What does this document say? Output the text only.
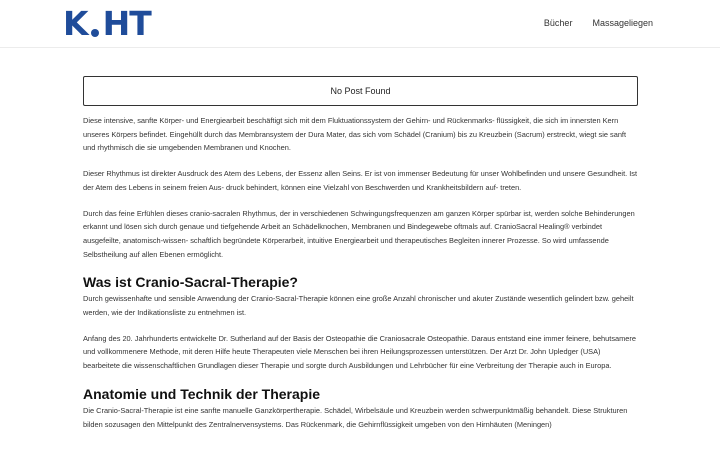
K HT	Bücher Massageliegen
No Post Found

Diese intensive, sanfte Körper- und Energiearbeit beschäftigt sich mit dem Fluktuationssystem der Gehirn- und Rückenmarks- flüssigkeit, die sich im innersten Kern unseres Körpers befindet. Eingehüllt durch das Membransystem der Dura Mater, das sich vom Schädel (Cranium) bis zu Kreuzbein (Sacrum) erstreckt, wiegt sie sanft und rhythmisch die sie umgebenden Membranen und Knochen.

Dieser Rhythmus ist direkter Ausdruck des Atem des Lebens, der Essenz allen Seins. Er ist von immenser Bedeutung für unser Wohlbefinden und unsere Gesundheit. Ist der Atem des Lebens in seinem freien Aus- druck behindert, können eine Vielzahl von Beschwerden und Krankheitsbildern auf- treten.

Durch das feine Erfühlen dieses cranio-sacralen Rhythmus, der in verschiedenen Schwingungsfrequenzen am ganzen Körper spürbar ist, werden solche Behinderungen erkannt und lösen sich durch genaue und tiefgehende Arbeit an Schädelknochen, Membranen und Bindegewebe oftmals auf. CranioSacral Healing® verbindet ausgefeilte, anatomisch-wissen- schaftlich begründete Körperarbeit, intuitive Energiearbeit und therapeutisches Begleiten innerer Prozesse. So wird umfassende Selbstheilung auf allen Ebenen ermöglicht.

Was ist Cranio-Sacral-Therapie?

Durch gewissenhafte und sensible Anwendung der Cranio-Sacral-Therapie können eine große Anzahl chronischer und akuter Zustände wesentlich gelindert bzw. geheilt werden, wie der Indikationsliste zu entnehmen ist.

Anfang des 20. Jahrhunderts entwickelte Dr. Sutherland auf der Basis der Osteopathie die Craniosacrale Osteopathie. Daraus entstand eine immer feinere, behutsamere und vollkommenere Methode, mit deren Hilfe heute Therapeuten viele Menschen bei ihren Heilungsprozessen unterstützen. Der Arzt Dr. John Upledger (USA) bearbeitete die wissenschaftlichen Grundlagen dieser Therapie und sorgte durch Ausbildungen und Lehrbücher für eine Verbreitung der Therapie auch in Europa.

Anatomie und Technik der Therapie

Die Cranio-Sacral-Therapie ist eine sanfte manuelle Ganzkörpertherapie. Schädel, Wirbelsäule und Kreuzbein werden schwerpunktmäßig behandelt. Diese Strukturen bilden sozusagen den Mittelpunkt des Zentralnervensystems. Das Rückenmark, die Gehirnflüssigkeit umgeben von den Hirnhäuten (Meningen)
